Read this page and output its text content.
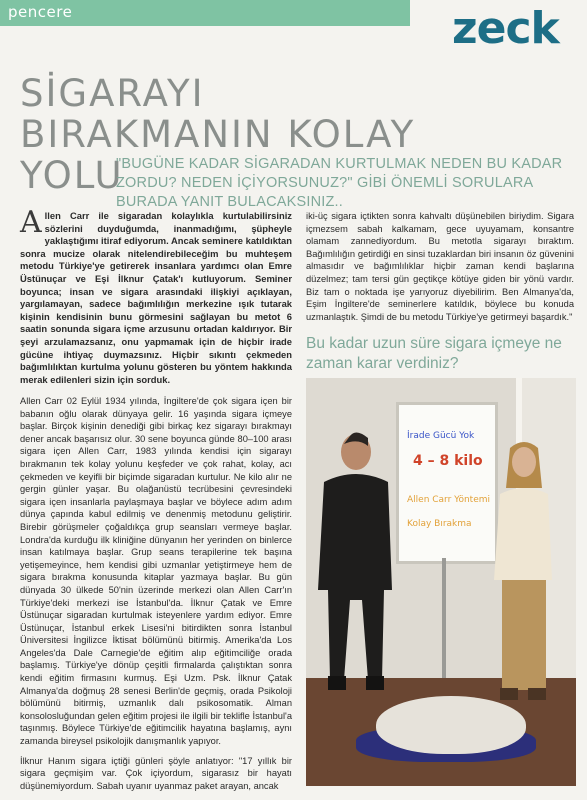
pencere	zeck
SİGARAYI BIRAKMANIN KOLAY YOLU
"BUGÜNE KADAR SİGARADAN KURTULMAK NEDEN BU KADAR ZORDU? NEDEN İÇİYORSUNUZ?" GİBİ ÖNEMLİ SORULARA BURADA YANIT BULACAKSINIZ..
Allen Carr ile sigaradan kolaylıkla kurtulabilirsiniz sözlerini duyduğumda, inanmadığımı, şüpheyle yaklaştığımı itiraf ediyorum. Ancak seminere katıldıktan sonra mucize olarak nitelendirebileceğim bu muhteşem metodu Türkiye'ye getirerek insanlara yardımcı olan Emre Üstünuçar ve Eşi İlknur Çatak'ı kutluyorum. Seminer boyunca; insan ve sigara arasındaki ilişkiyi açıklayan, yargılamayan, sadece bağımlılığın merkezine ışık tutarak kişinin kendisinin bunu görmesini sağlayan bu metot 6 saatin sonunda sigara içme arzusunu ortadan kaldırıyor. Bir şeyi arzulamazsanız, onu yapmamak için de hiçbir irade gücüne ihtiyaç duymazsınız. Hiçbir sıkıntı çekmeden bağımlılıktan kurtulma yolunu gösteren bu yöntem hakkında merak edilenleri sizin için sorduk.

Allen Carr 02 Eylül 1934 yılında, İngiltere'de çok sigara içen bir babanın oğlu olarak dünyaya gelir. 16 yaşında sigara içmeye başlar. Birçok kişinin denediği gibi birkaç kez sigarayı bırakmayı dener ancak başarısız olur. 30 sene boyunca günde 80–100 arası sigara içen Allen Carr, 1983 yılında kendisi için sigarayı bırakmanın tek kolay yolunu keşfeder ve çok rahat, kolay, acı çekmeden ve keyifli bir biçimde sigaradan kurtulur. Ne kilo alır ne gergin günler yaşar. Bu olağanüstü tecrübesini çevresindeki sigara içen insanlarla paylaşmaya başlar ve böylece adım adım dünya çapında kabul edilmiş ve denenmiş metodunu geliştirir. Birebir görüşmeler çoğaldıkça grup seansları vermeye başlar. Londra'da kurduğu ilk kliniğine dünyanın her yerinden on binlerce insan katılmaya başlar. Grup seans terapilerine tek başına yetişemeyince, hem kendisi gibi uzmanlar yetiştirmeye hem de sigara bırakma konusunda kitaplar yazmaya başlar. Bu gün dünyada 30 ülkede 50'nin üzerinde merkezi olan Allen Carr'ın Türkiye'deki merkezi ise İstanbul'da. İlknur Çatak ve Emre Üstünuçar sigaradan kurtulmak isteyenlere yardım ediyor. Emre Üstünuçar, İstanbul erkek Lisesi'ni bitirdikten sonra İstanbul Üniversitesi İngilizce İktisat bölümünü bitirmiş. Amerika'da Los Angeles'da Dale Carnegie'de eğitim alıp eğitimciliğe orada başlamış. Türkiye'ye dönüp çeşitli firmalarda çalıştıktan sonra kendi eğitim firmasını kurmuş. Eşi Uzm. Psk. İlknur Çatak Almanya'da doğmuş 28 senesi Berlin'de geçmiş, orada Psikoloji bölümünü bitirmiş, uzmanlık dalı psikosomatik. Alman konsolosluğundan gelen eğitim projesi ile ilgili bir teklifle İstanbul'a taşınmış. Böylece Türkiye'de eğitimcilik hayatına başlamış, aynı zamanda bireysel psikolojik danışmanlık yapıyor.

İlknur Hanım sigara içtiği günleri şöyle anlatıyor: "17 yıllık bir sigara geçmişim var. Çok içiyordum, sigarasız bir hayatı düşünemiyordum. Sabah uyanır uyanmaz paket arayan, ancak

iki-üç sigara içtikten sonra kahvaltı düşünebilen biriydim. Sigara içmezsem sabah kalkamam, gece uyuyamam, konsantre olamam zannediyordum. Bu metotla sigarayı bıraktım. Bağımlılığın getirdiği en sinsi tuzaklardan biri insanın öz güvenini almasıdır ve bağımlılıklar hiçbir zaman kendi başlarına düzelmez; tam tersi gün geçtikçe kötüye giden bir yönü vardır. Biz tam o noktada işe yarıyoruz diyebilirim. Ben Almanya'da, Eşim İngiltere'de seminerlere katıldık, böylece bu konuda uzmanlaştık. Şimdi de bu metodu Türkiye'ye getirmeyi başardık."

Bu kadar uzun süre sigara içmeye ne zaman karar verdiniz?
İrade Gücü Yok
4 – 8 kilo
Allen Carr Yöntemi
Kolay Bırakma
